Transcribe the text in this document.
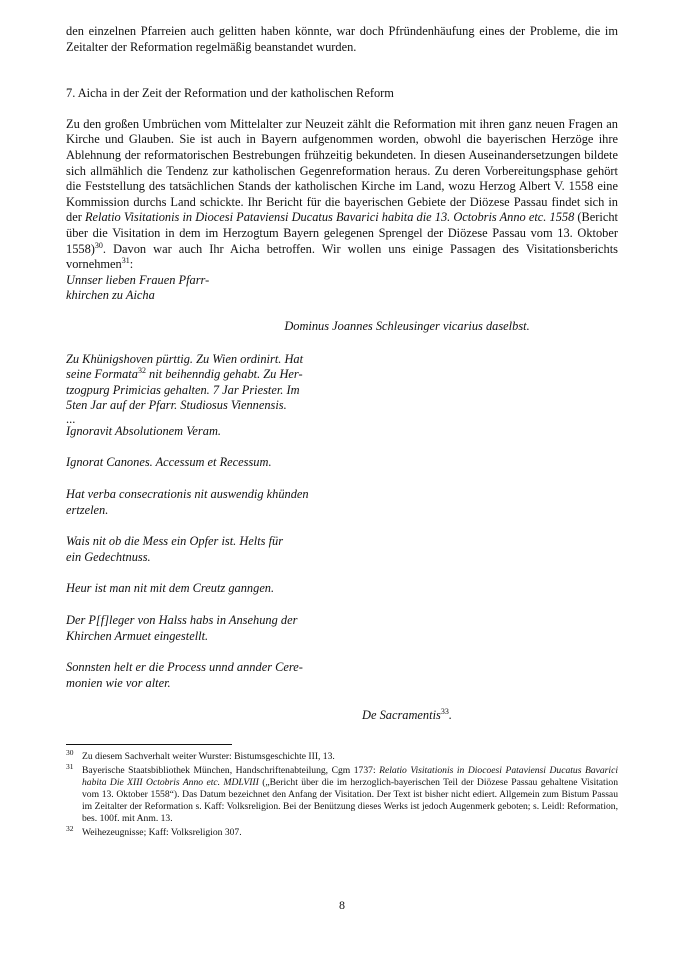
den einzelnen Pfarreien auch gelitten haben könnte, war doch Pfründenhäufung eines der Probleme, die im Zeitalter der Reformation regelmäßig beanstandet wurden.

7. Aicha in der Zeit der Reformation und der katholischen Reform

Zu den großen Umbrüchen vom Mittelalter zur Neuzeit zählt die Reformation mit ihren ganz neuen Fragen an Kirche und Glauben. Sie ist auch in Bayern aufgenommen worden, obwohl die bayerischen Herzöge ihre Ablehnung der reformatorischen Bestrebungen frühzeitig bekundeten. In diesen Auseinandersetzungen bildete sich allmählich die Tendenz zur katholischen Gegenreformation heraus. Zu deren Vorbereitungsphase gehört die Feststellung des tatsächlichen Stands der katholischen Kirche im Land, wozu Herzog Albert V. 1558 eine Kommission durchs Land schickte. Ihr Bericht für die bayerischen Gebiete der Diözese Passau findet sich in der Relatio Visitationis in Diocesi Pataviensi Ducatus Bavarici habita die 13. Octobris Anno etc. 1558 (Bericht über die Visitation in dem im Herzogtum Bayern gelegenen Sprengel der Diözese Passau vom 13. Oktober 1558)$^{30}$. Davon war auch Ihr Aicha betroffen. Wir wollen uns einige Passagen des Visitationsberichts vornehmen$^{31}$:

Unnser lieben Frauen Pfarr-
khirchen zu Aicha
Dominus Joannes Schleusinger vicarius daselbst.
Zu Khünigshoven pürttig. Zu Wien ordinirt. Hat
seine Formata$^{32}$ nit beihenndig gehabt. Zu Her-
tzogpurg Primicias gehalten. 7 Jar Priester. Im
5ten Jar auf der Pfarr. Studiosus Viennensis.
...
Ignoravit Absolutionem Veram.
Ignorat Canones. Accessum et Recessum.
Hat verba consecrationis nit auswendig khünden
ertzelen.
Wais nit ob die Mess ein Opfer ist. Helts für
ein Gedechtnuss.
Heur ist man nit mit dem Creutz ganngen.
Der P[f]leger von Halss habs in Ansehung der
Khirchen Armuet eingestellt.
Sonnsten helt er die Process unnd annder Cere-
monien wie vor alter.
De Sacramentis$^{33}$.
30 Zu diesem Sachverhalt weiter Wurster: Bistumsgeschichte III, 13.
31 Bayerische Staatsbibliothek München, Handschriftenabteilung, Cgm 1737: Relatio Visitationis in Diocoesi Pataviensi Ducatus Bavarici habita Die XIII Octobris Anno etc. MDLVIII („Bericht über die im herzoglich-bayerischen Teil der Diözese Passau gehaltene Visitation vom 13. Oktober 1558“). Das Datum bezeichnet den Anfang der Visitation. Der Text ist bisher nicht ediert. Allgemein zum Bistum Passau im Zeitalter der Reformation s. Kaff: Volksreligion. Bei der Benützung dieses Werks ist jedoch Augenmerk geboten; s. Leidl: Reformation, bes. 100f. mit Anm. 13.
32 Weihezeugnisse; Kaff: Volksreligion 307.
8
